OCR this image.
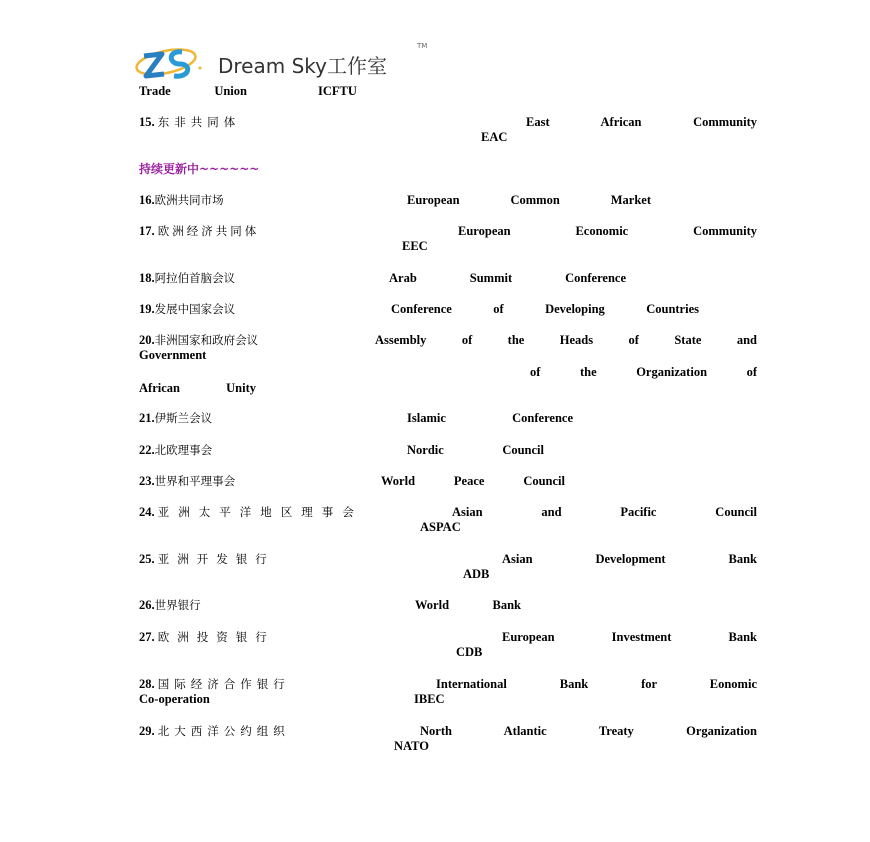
Dream Sky工作室
TM
Trade Union	ICFTU
15. 东非共同体	East African Community
EAC
持续更新中~~~~~~
16.欧洲共同市场	European Common Market
17. 欧洲经济共同体	European Economic Community
EEC
18.阿拉伯首脑会议	Arab Summit Conference
19.发展中国家会议	Conference of Developing Countries
20.非洲国家和政府会议	Assembly of the Heads of State and
Government
of the Organization of
African Unity
21.伊斯兰会议	Islamic Conference
22.北欧理事会	Nordic Council
23.世界和平理事会	World Peace Council
24. 亚洲太平洋地区理事会	Asian and Pacific Council
ASPAC
25. 亚洲开发银行	Asian Development Bank
ADB
26.世界银行	World Bank
27. 欧洲投资银行	European Investment Bank
CDB
28. 国际经济合作银行	International Bank for Eonomic
Co-operation	IBEC
29. 北大西洋公约组织	North Atlantic Treaty Organization
NATO
